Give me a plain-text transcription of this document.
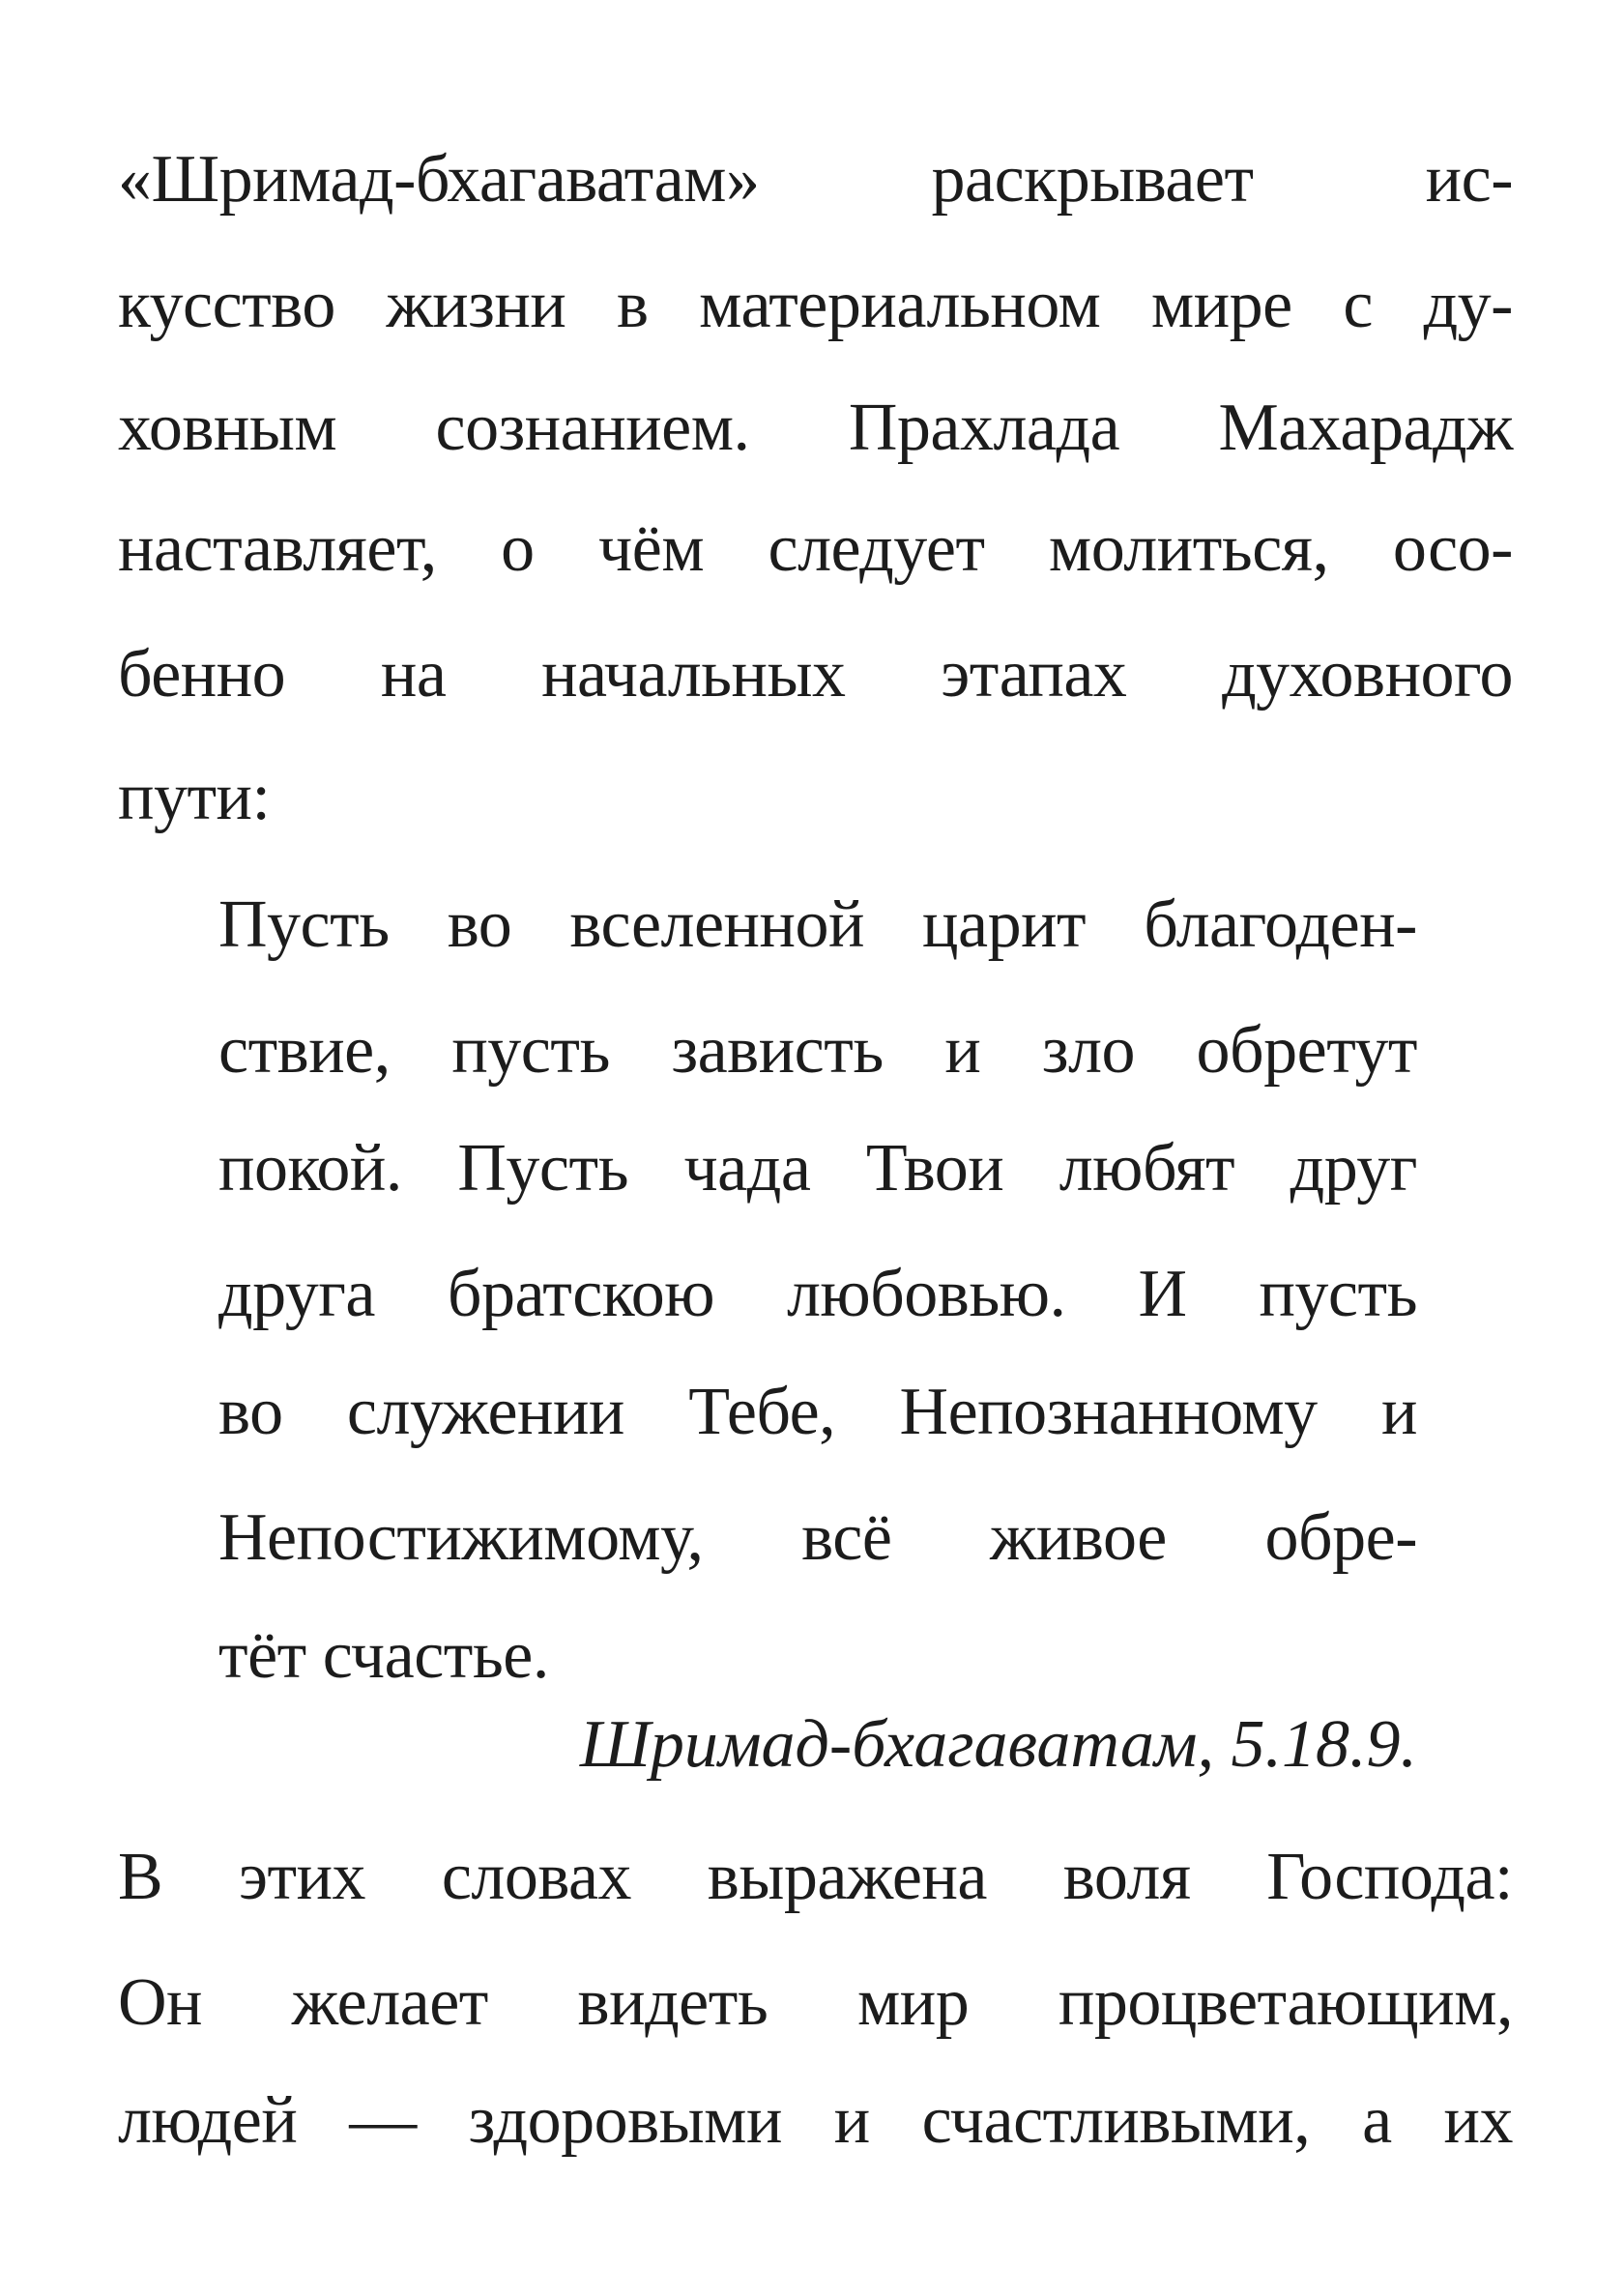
«Шримад-бхагаватам» раскрывает ис-
кусство жизни в материальном мире с ду-
ховным сознанием. Прахлада Махарадж
наставляет, о чём следует молиться, осо-
бенно на начальных этапах духовного
пути:
Пусть во вселенной царит благоден-
ствие, пусть зависть и зло обретут
покой. Пусть чада Твои любят друг
друга братскою любовью. И пусть
во служении Тебе, Непознанному и
Непостижимому, всё живое обре-
тёт счастье.
Шримад-бхагаватам, 5.18.9.
В этих словах выражена воля Господа:
Он желает видеть мир процветающим,
людей — здоровыми и счастливыми, а их
